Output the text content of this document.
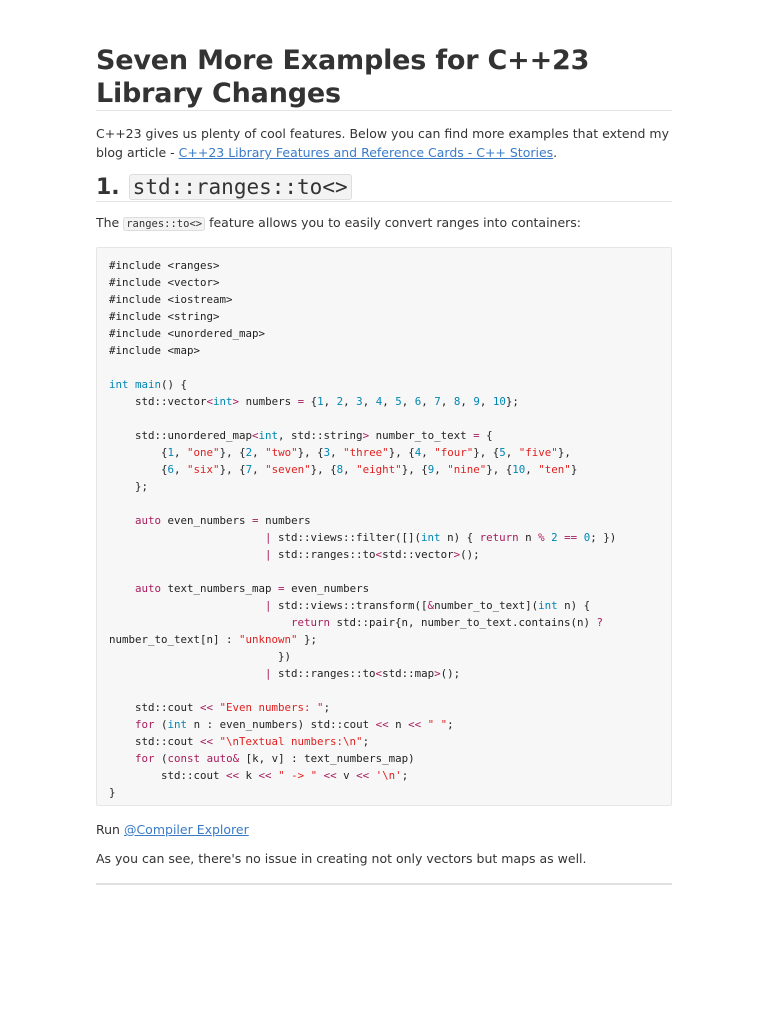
Seven More Examples for C++23 Library Changes

C++23 gives us plenty of cool features. Below you can find more examples that extend my blog article - C++23 Library Features and Reference Cards - C++ Stories.

1. std::ranges::to<>

The ranges::to<> feature allows you to easily convert ranges into containers:

#include <ranges>
#include <vector>
#include <iostream>
#include <string>
#include <unordered_map>
#include <map>

int main() {
std::vector<int> numbers = {1, 2, 3, 4, 5, 6, 7, 8, 9, 10};

std::unordered_map<int, std::string> number_to_text = {
{1, "one"}, {2, "two"}, {3, "three"}, {4, "four"}, {5, "five"},
{6, "six"}, {7, "seven"}, {8, "eight"}, {9, "nine"}, {10, "ten"}
};

auto even_numbers = numbers
| std::views::filter([](int n) { return n % 2 == 0; })
| std::ranges::to<std::vector>();

auto text_numbers_map = even_numbers
| std::views::transform([&number_to_text](int n) {
return std::pair{n, number_to_text.contains(n) ?
number_to_text[n] : "unknown" };
})
| std::ranges::to<std::map>();

std::cout << "Even numbers: ";
for (int n : even_numbers) std::cout << n << " ";
std::cout << "\nTextual numbers:\n";
for (const auto& [k, v] : text_numbers_map)
std::cout << k << " -> " << v << '\n';
}

Run @Compiler Explorer

As you can see, there's no issue in creating not only vectors but maps as well.
